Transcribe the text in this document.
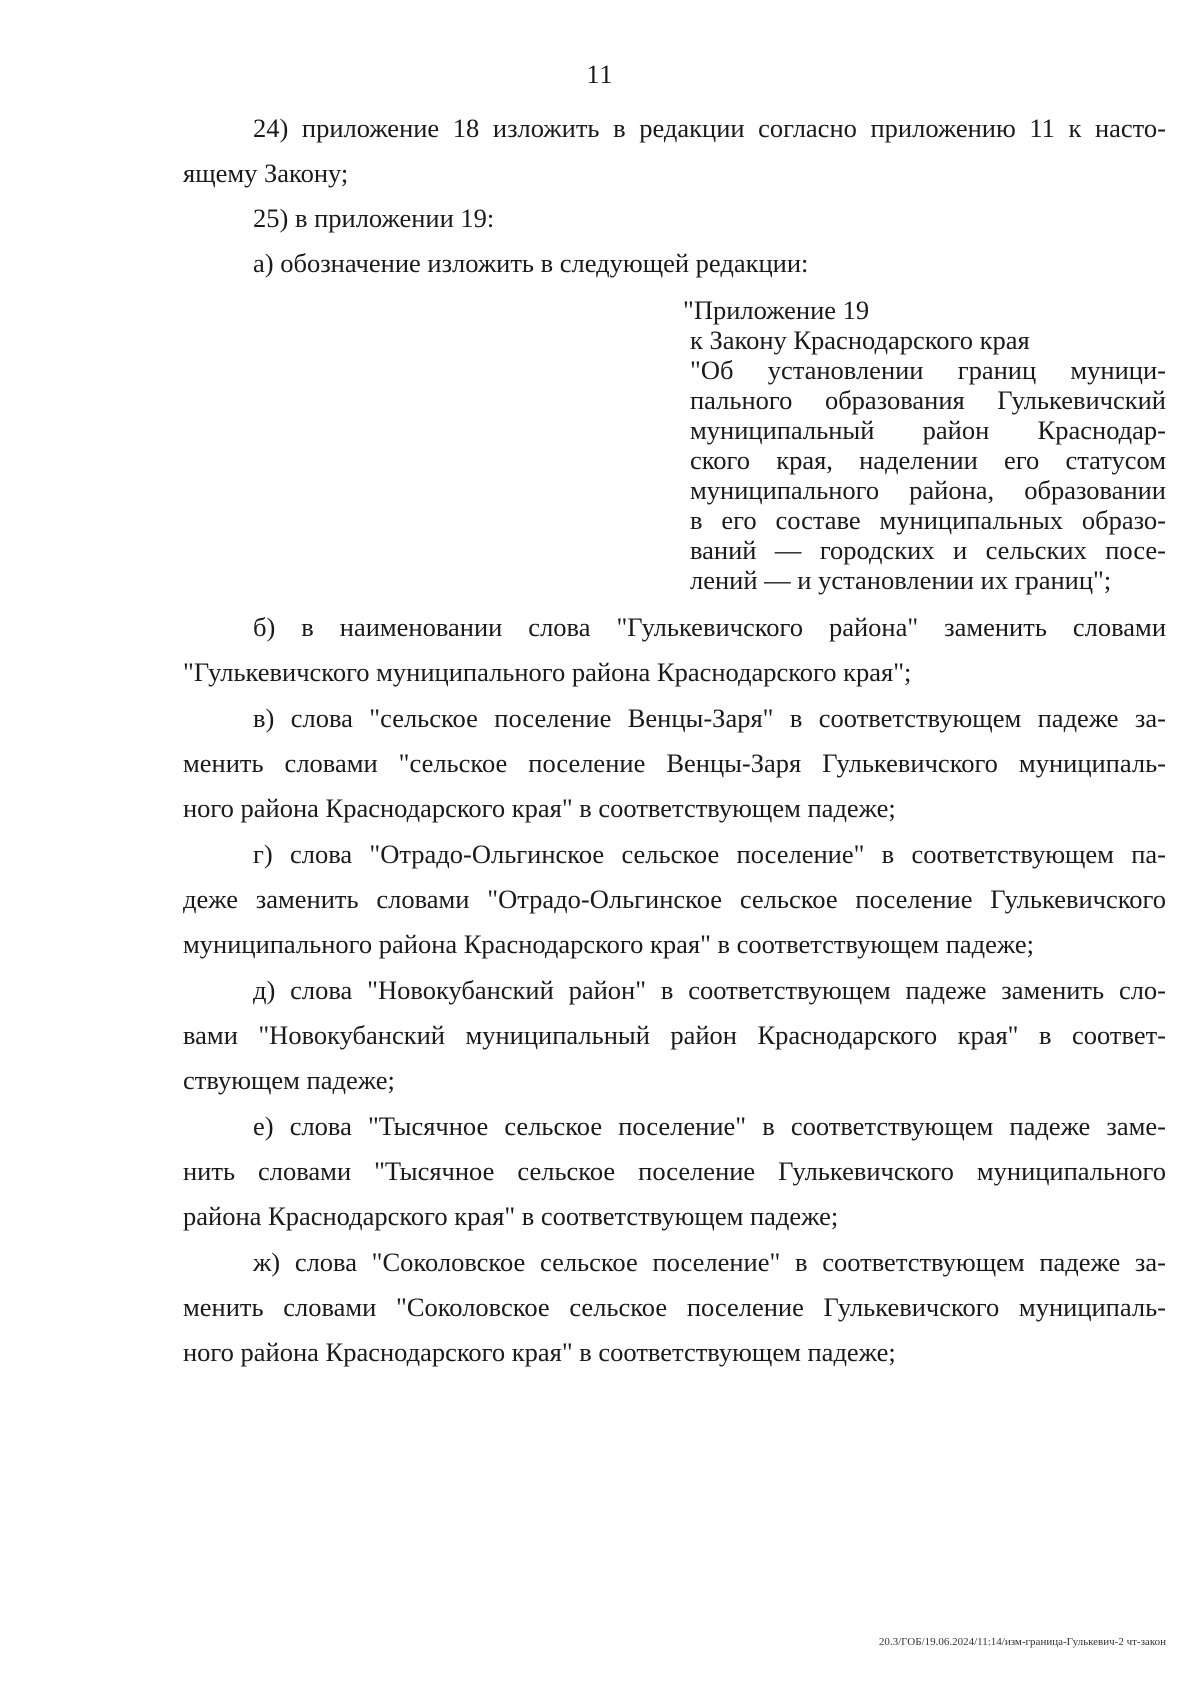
11
24) приложение 18 изложить в редакции согласно приложению 11 к насто-
ящему Закону;
25) в приложении 19:
а) обозначение изложить в следующей редакции:
"Приложение 19
к Закону Краснодарского края
"Об установлении границ муници-
пального образования Гулькевичский
муниципальный район Краснодар-
ского края, наделении его статусом
муниципального района, образовании
в его составе муниципальных образо-
ваний — городских и сельских посе-
лений — и установлении их границ";
б) в наименовании слова "Гулькевичского района" заменить словами
"Гулькевичского муниципального района Краснодарского края";
в) слова "сельское поселение Венцы-Заря" в соответствующем падеже за-
менить словами "сельское поселение Венцы-Заря Гулькевичского муниципаль-
ного района Краснодарского края" в соответствующем падеже;
г) слова "Отрадо-Ольгинское сельское поселение" в соответствующем па-
деже заменить словами "Отрадо-Ольгинское сельское поселение Гулькевичского
муниципального района Краснодарского края" в соответствующем падеже;
д) слова "Новокубанский район" в соответствующем падеже заменить сло-
вами "Новокубанский муниципальный район Краснодарского края" в соответ-
ствующем падеже;
е) слова "Тысячное сельское поселение" в соответствующем падеже заме-
нить словами "Тысячное сельское поселение Гулькевичского муниципального
района Краснодарского края" в соответствующем падеже;
ж) слова "Соколовское сельское поселение" в соответствующем падеже за-
менить словами "Соколовское сельское поселение Гулькевичского муниципаль-
ного района Краснодарского края" в соответствующем падеже;
20.3/ГОБ/19.06.2024/11:14/изм-граница-Гулькевич-2 чт-закон
